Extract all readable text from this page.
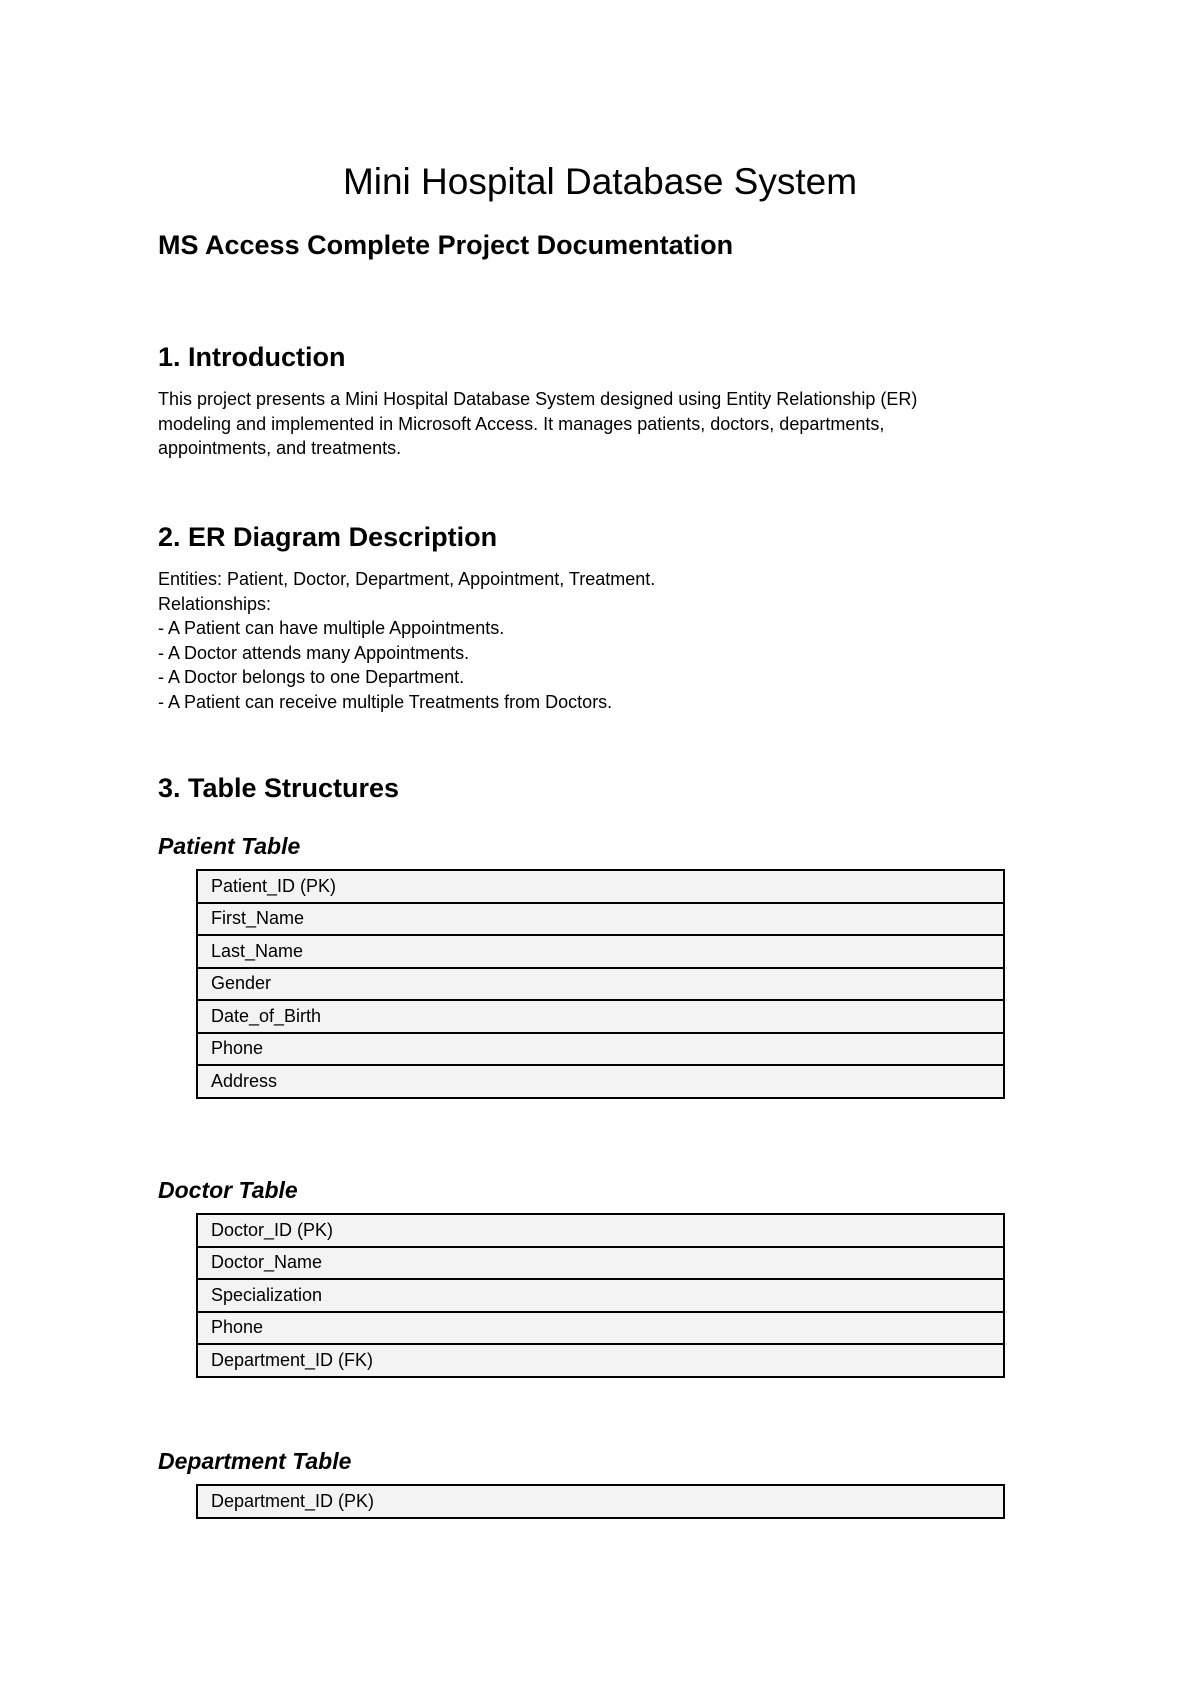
Mini Hospital Database System
MS Access Complete Project Documentation
1. Introduction

This project presents a Mini Hospital Database System designed using Entity Relationship (ER)
modeling and implemented in Microsoft Access. It manages patients, doctors, departments,
appointments, and treatments.

2. ER Diagram Description

Entities: Patient, Doctor, Department, Appointment, Treatment.
Relationships:
- A Patient can have multiple Appointments.
- A Doctor attends many Appointments.
- A Doctor belongs to one Department.
- A Patient can receive multiple Treatments from Doctors.

3. Table Structures
Patient Table
Patient_ID (PK)
First_Name
Last_Name
Gender
Date_of_Birth
Phone
Address
Doctor Table
Doctor_ID (PK)
Doctor_Name
Specialization
Phone
Department_ID (FK)
Department Table
Department_ID (PK)
